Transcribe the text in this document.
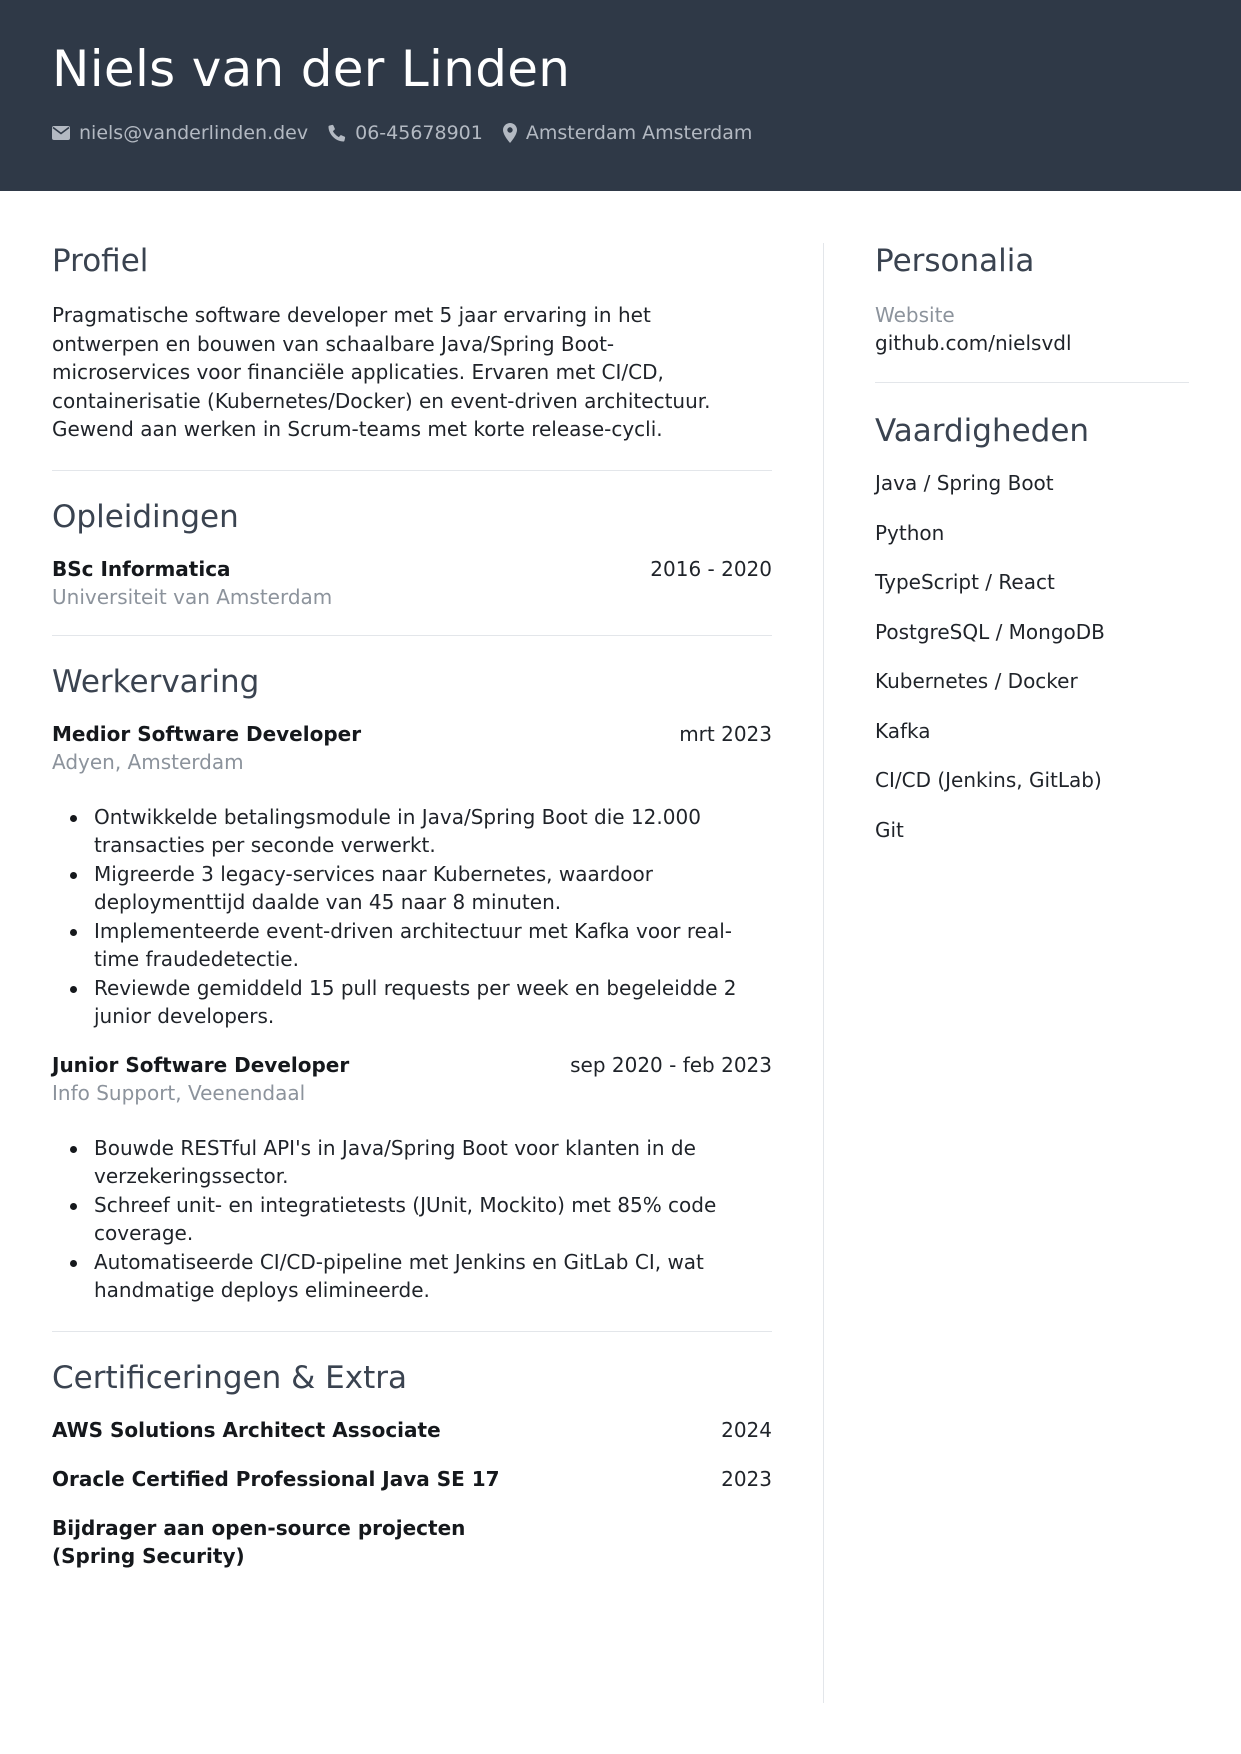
Niels van der Linden
niels@vanderlinden.dev 06-45678901 Amsterdam Amsterdam
Profiel
Pragmatische software developer met 5 jaar ervaring in het
ontwerpen en bouwen van schaalbare Java/Spring Boot-
microservices voor financiële applicaties. Ervaren met CI/CD,
containerisatie (Kubernetes/Docker) en event-driven architectuur.
Gewend aan werken in Scrum-teams met korte release-cycli.
Opleidingen
BSc Informatica	2016 - 2020
Universiteit van Amsterdam
Werkervaring
Medior Software Developer	mrt 2023
Adyen, Amsterdam
Ontwikkelde betalingsmodule in Java/Spring Boot die 12.000
transacties per seconde verwerkt.
Migreerde 3 legacy-services naar Kubernetes, waardoor
deploymenttijd daalde van 45 naar 8 minuten.
Implementeerde event-driven architectuur met Kafka voor real-
time fraudedetectie.
Reviewde gemiddeld 15 pull requests per week en begeleidde 2
junior developers.
Junior Software Developer	sep 2020 - feb 2023
Info Support, Veenendaal
Bouwde RESTful API's in Java/Spring Boot voor klanten in de
verzekeringssector.
Schreef unit- en integratietests (JUnit, Mockito) met 85% code
coverage.
Automatiseerde CI/CD-pipeline met Jenkins en GitLab CI, wat
handmatige deploys elimineerde.
Certificeringen & Extra
AWS Solutions Architect Associate	2024
Oracle Certified Professional Java SE 17	2023
Bijdrager aan open-source projecten
(Spring Security)
Personalia
Website
github.com/nielsvdl
Vaardigheden
Java / Spring Boot
Python
TypeScript / React
PostgreSQL / MongoDB
Kubernetes / Docker
Kafka
CI/CD (Jenkins, GitLab)
Git
